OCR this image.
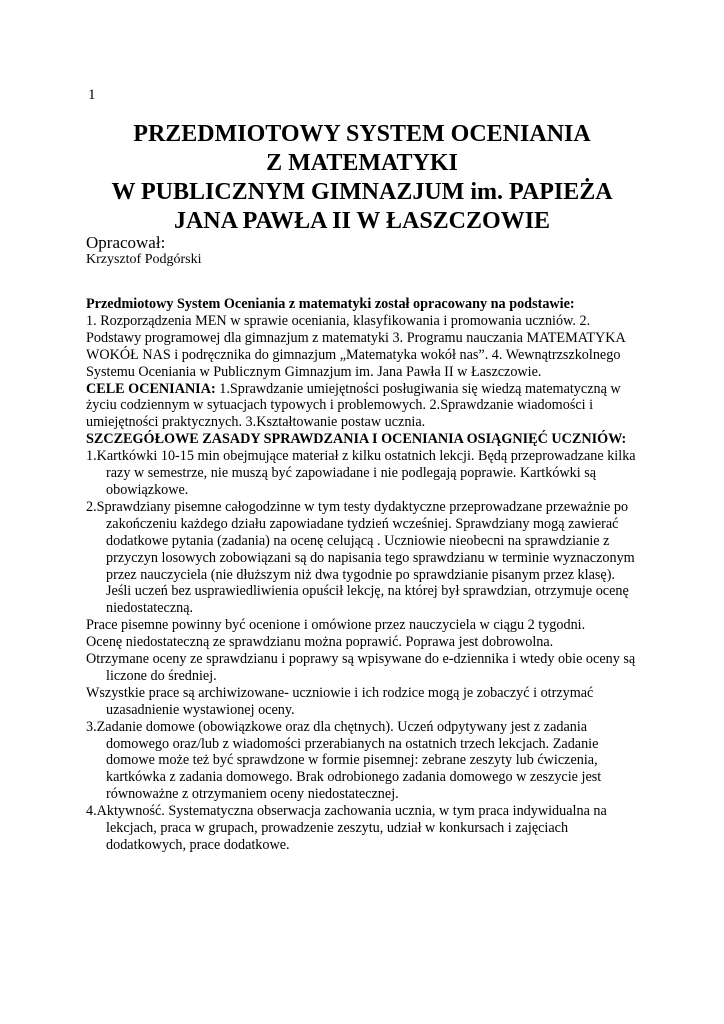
1
PRZEDMIOTOWY SYSTEM OCENIANIA
Z MATEMATYKI
W PUBLICZNYM GIMNAZJUM im. PAPIEŻA
JANA PAWŁA II W ŁASZCZOWIE
Opracował:
Krzysztof Podgórski

Przedmiotowy System Oceniania z matematyki został opracowany na podstawie:

1. Rozporządzenia MEN w sprawie oceniania, klasyfikowania i promowania uczniów. 2. Podstawy programowej dla gimnazjum z matematyki 3. Programu nauczania MATEMATYKA WOKÓŁ NAS i podręcznika do gimnazjum „Matematyka wokół nas”. 4. Wewnątrzszkolnego Systemu Oceniania w Publicznym Gimnazjum im. Jana Pawła II w Łaszczowie.

CELE OCENIANIA: 1.Sprawdzanie umiejętności posługiwania się wiedzą matematyczną w życiu codziennym w sytuacjach typowych i problemowych. 2.Sprawdzanie wiadomości i umiejętności praktycznych. 3.Kształtowanie postaw ucznia.

SZCZEGÓŁOWE ZASADY SPRAWDZANIA I OCENIANIA OSIĄGNIĘĆ UCZNIÓW:

1.Kartkówki 10-15 min obejmujące materiał z kilku ostatnich lekcji. Będą przeprowadzane kilka razy w semestrze, nie muszą być zapowiadane i nie podlegają poprawie. Kartkówki są obowiązkowe.

2.Sprawdziany pisemne całogodzinne w tym testy dydaktyczne przeprowadzane przeważnie po zakończeniu każdego działu zapowiadane tydzień wcześniej. Sprawdziany mogą zawierać dodatkowe pytania (zadania) na ocenę celującą . Uczniowie nieobecni na sprawdzianie z przyczyn losowych zobowiązani są do napisania tego sprawdzianu w terminie wyznaczonym przez nauczyciela (nie dłuższym niż dwa tygodnie po sprawdzianie pisanym przez klasę). Jeśli uczeń bez usprawiedliwienia opuścił lekcję, na której był sprawdzian, otrzymuje ocenę niedostateczną.

Prace pisemne powinny być ocenione i omówione przez nauczyciela w ciągu 2 tygodni.

Ocenę niedostateczną ze sprawdzianu można poprawić. Poprawa jest dobrowolna.

Otrzymane oceny ze sprawdzianu i poprawy są wpisywane do e-dziennika i wtedy obie oceny są liczone do średniej.

Wszystkie prace są archiwizowane- uczniowie i ich rodzice mogą je zobaczyć i otrzymać uzasadnienie wystawionej oceny.

3.Zadanie domowe (obowiązkowe oraz dla chętnych). Uczeń odpytywany jest z zadania domowego oraz/lub z wiadomości przerabianych na ostatnich trzech lekcjach. Zadanie domowe może też być sprawdzone w formie pisemnej: zebrane zeszyty lub ćwiczenia, kartkówka z zadania domowego. Brak odrobionego zadania domowego w zeszycie jest równoważne z otrzymaniem oceny niedostatecznej.

4.Aktywność. Systematyczna obserwacja zachowania ucznia, w tym praca indywidualna na lekcjach, praca w grupach, prowadzenie zeszytu, udział w konkursach i zajęciach dodatkowych, prace dodatkowe.
